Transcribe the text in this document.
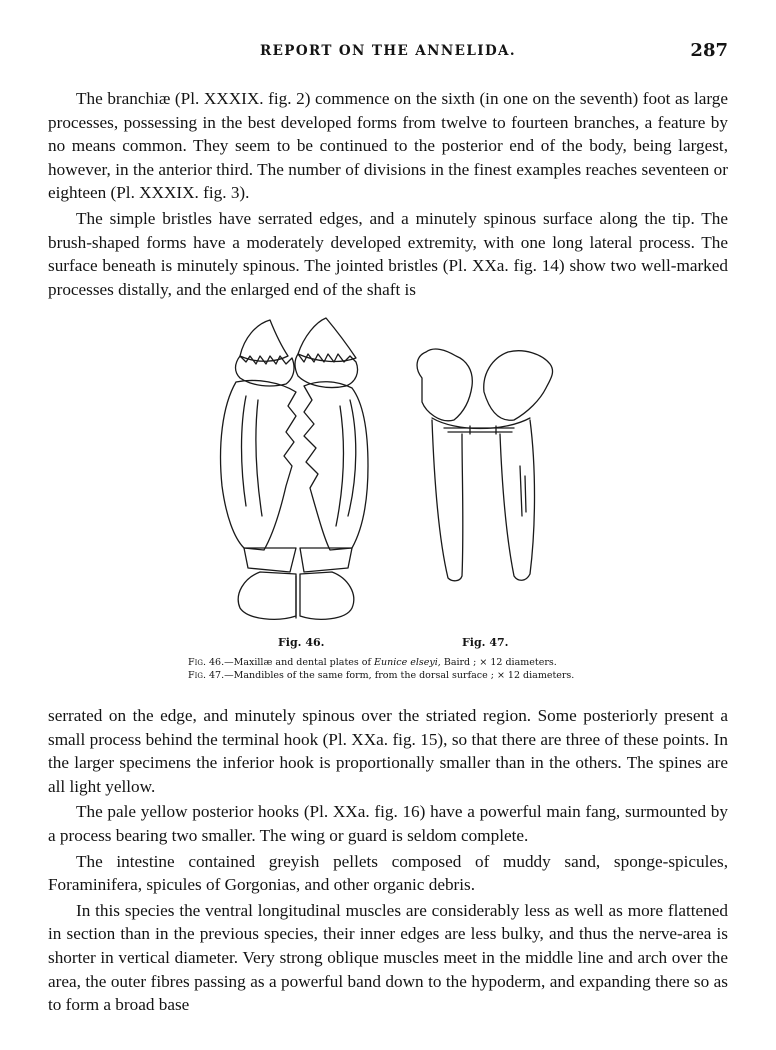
REPORT ON THE ANNELIDA.	287

The branchiæ (Pl. XXXIX. fig. 2) commence on the sixth (in one on the seventh) foot as large processes, possessing in the best developed forms from twelve to fourteen branches, a feature by no means common. They seem to be continued to the posterior end of the body, being largest, however, in the anterior third. The number of divisions in the finest examples reaches seventeen or eighteen (Pl. XXXIX. fig. 3).

The simple bristles have serrated edges, and a minutely spinous surface along the tip. The brush-shaped forms have a moderately developed extremity, with one long lateral process. The surface beneath is minutely spinous. The jointed bristles (Pl. XXa. fig. 14) show two well-marked processes distally, and the enlarged end of the shaft is

Fig. 46.	Fig. 47.
Fig. 46.—Maxillæ and dental plates of Eunice elseyi, Baird ; × 12 diameters.
Fig. 47.—Mandibles of the same form, from the dorsal surface ; × 12 diameters.

serrated on the edge, and minutely spinous over the striated region. Some posteriorly present a small process behind the terminal hook (Pl. XXa. fig. 15), so that there are three of these points. In the larger specimens the inferior hook is proportionally smaller than in the others. The spines are all light yellow.

The pale yellow posterior hooks (Pl. XXa. fig. 16) have a powerful main fang, surmounted by a process bearing two smaller. The wing or guard is seldom complete.

The intestine contained greyish pellets composed of muddy sand, sponge-spicules, Foraminifera, spicules of Gorgonias, and other organic debris.

In this species the ventral longitudinal muscles are considerably less as well as more flattened in section than in the previous species, their inner edges are less bulky, and thus the nerve-area is shorter in vertical diameter. Very strong oblique muscles meet in the middle line and arch over the area, the outer fibres passing as a powerful band down to the hypoderm, and expanding there so as to form a broad base
